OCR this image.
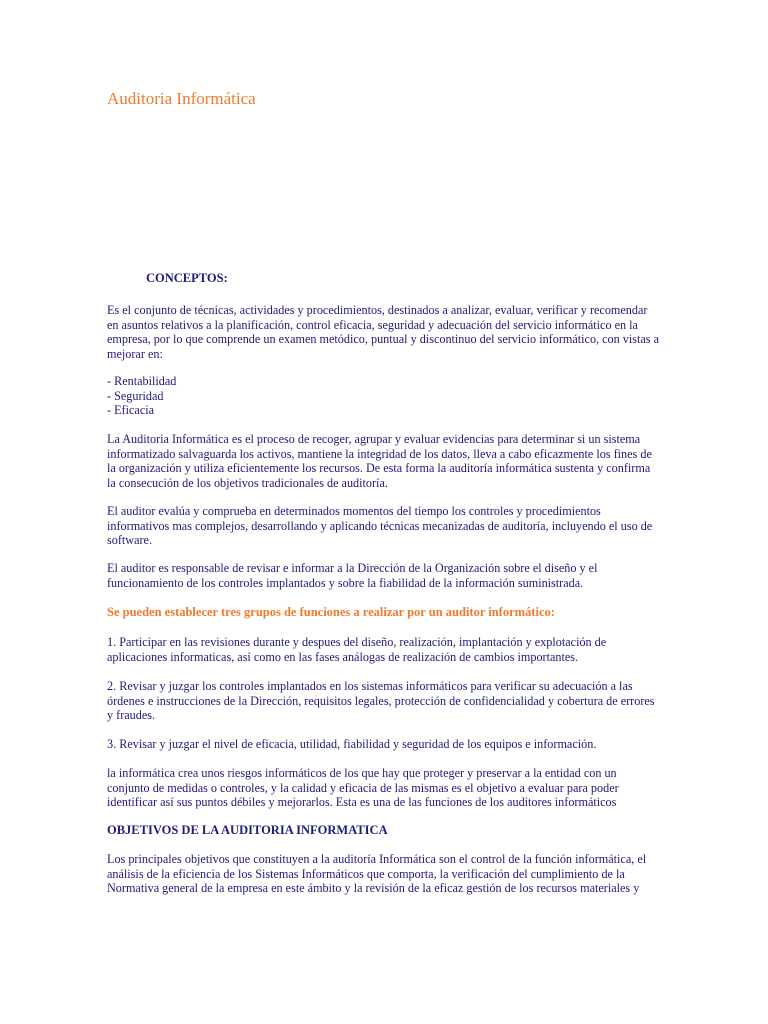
Auditoria Informática
CONCEPTOS:

Es el conjunto de técnicas, actividades y procedimientos, destinados a analizar, evaluar, verificar y recomendar en asuntos relativos a la planificación, control eficacia, seguridad y adecuación del servicio informático en la empresa, por lo que comprende un examen metódico, puntual y discontinuo del servicio informático, con vistas a mejorar en:

- Rentabilidad
- Seguridad
- Eficacia

La Auditoria Informática es el proceso de recoger, agrupar y evaluar evidencias para determinar si un sistema informatizado salvaguarda los activos, mantiene la integridad de los datos, lleva a cabo eficazmente los fines de la organización y utiliza eficientemente los recursos. De esta forma la auditoría informática sustenta y confirma la consecución de los objetivos tradicionales de auditoría.

El auditor evalúa y comprueba en determinados momentos del tiempo los controles y procedimientos informativos mas complejos, desarrollando y aplicando técnicas mecanizadas de auditoría, incluyendo el uso de software.

El auditor es responsable de revisar e informar a la Dirección de la Organización sobre el diseño y el funcionamiento de los controles implantados y sobre la fiabilidad de la información suministrada.

Se pueden establecer tres grupos de funciones a realizar por un auditor informático:

1. Participar en las revisiones durante y despues del diseño, realización, implantación y explotación de aplicaciones informaticas, así como en las fases análogas de realización de cambios importantes.

2. Revisar y juzgar los controles implantados en los sistemas informáticos para verificar su adecuación a las órdenes e instrucciones de la Dirección, requisitos legales, protección de confidencialidad y cobertura de errores y fraudes.

3. Revisar y juzgar el nivel de eficacia, utilidad, fiabilidad y seguridad de los equipos e información.

la informática crea unos riesgos informáticos de los que hay que proteger y preservar a la entidad con un conjunto de medidas o controles, y la calidad y eficacia de las mismas es el objetivo a evaluar para poder identificar así sus puntos débiles y mejorarlos. Esta es una de las funciones de los auditores informáticos

OBJETIVOS DE LA AUDITORIA INFORMATICA

Los principales objetivos que constituyen a la auditoría Informática son el control de la función informática, el análisis de la eficiencia de los Sistemas Informáticos que comporta, la verificación del cumplimiento de la Normativa general de la empresa en este ámbito y la revisión de la eficaz gestión de los recursos materiales y
